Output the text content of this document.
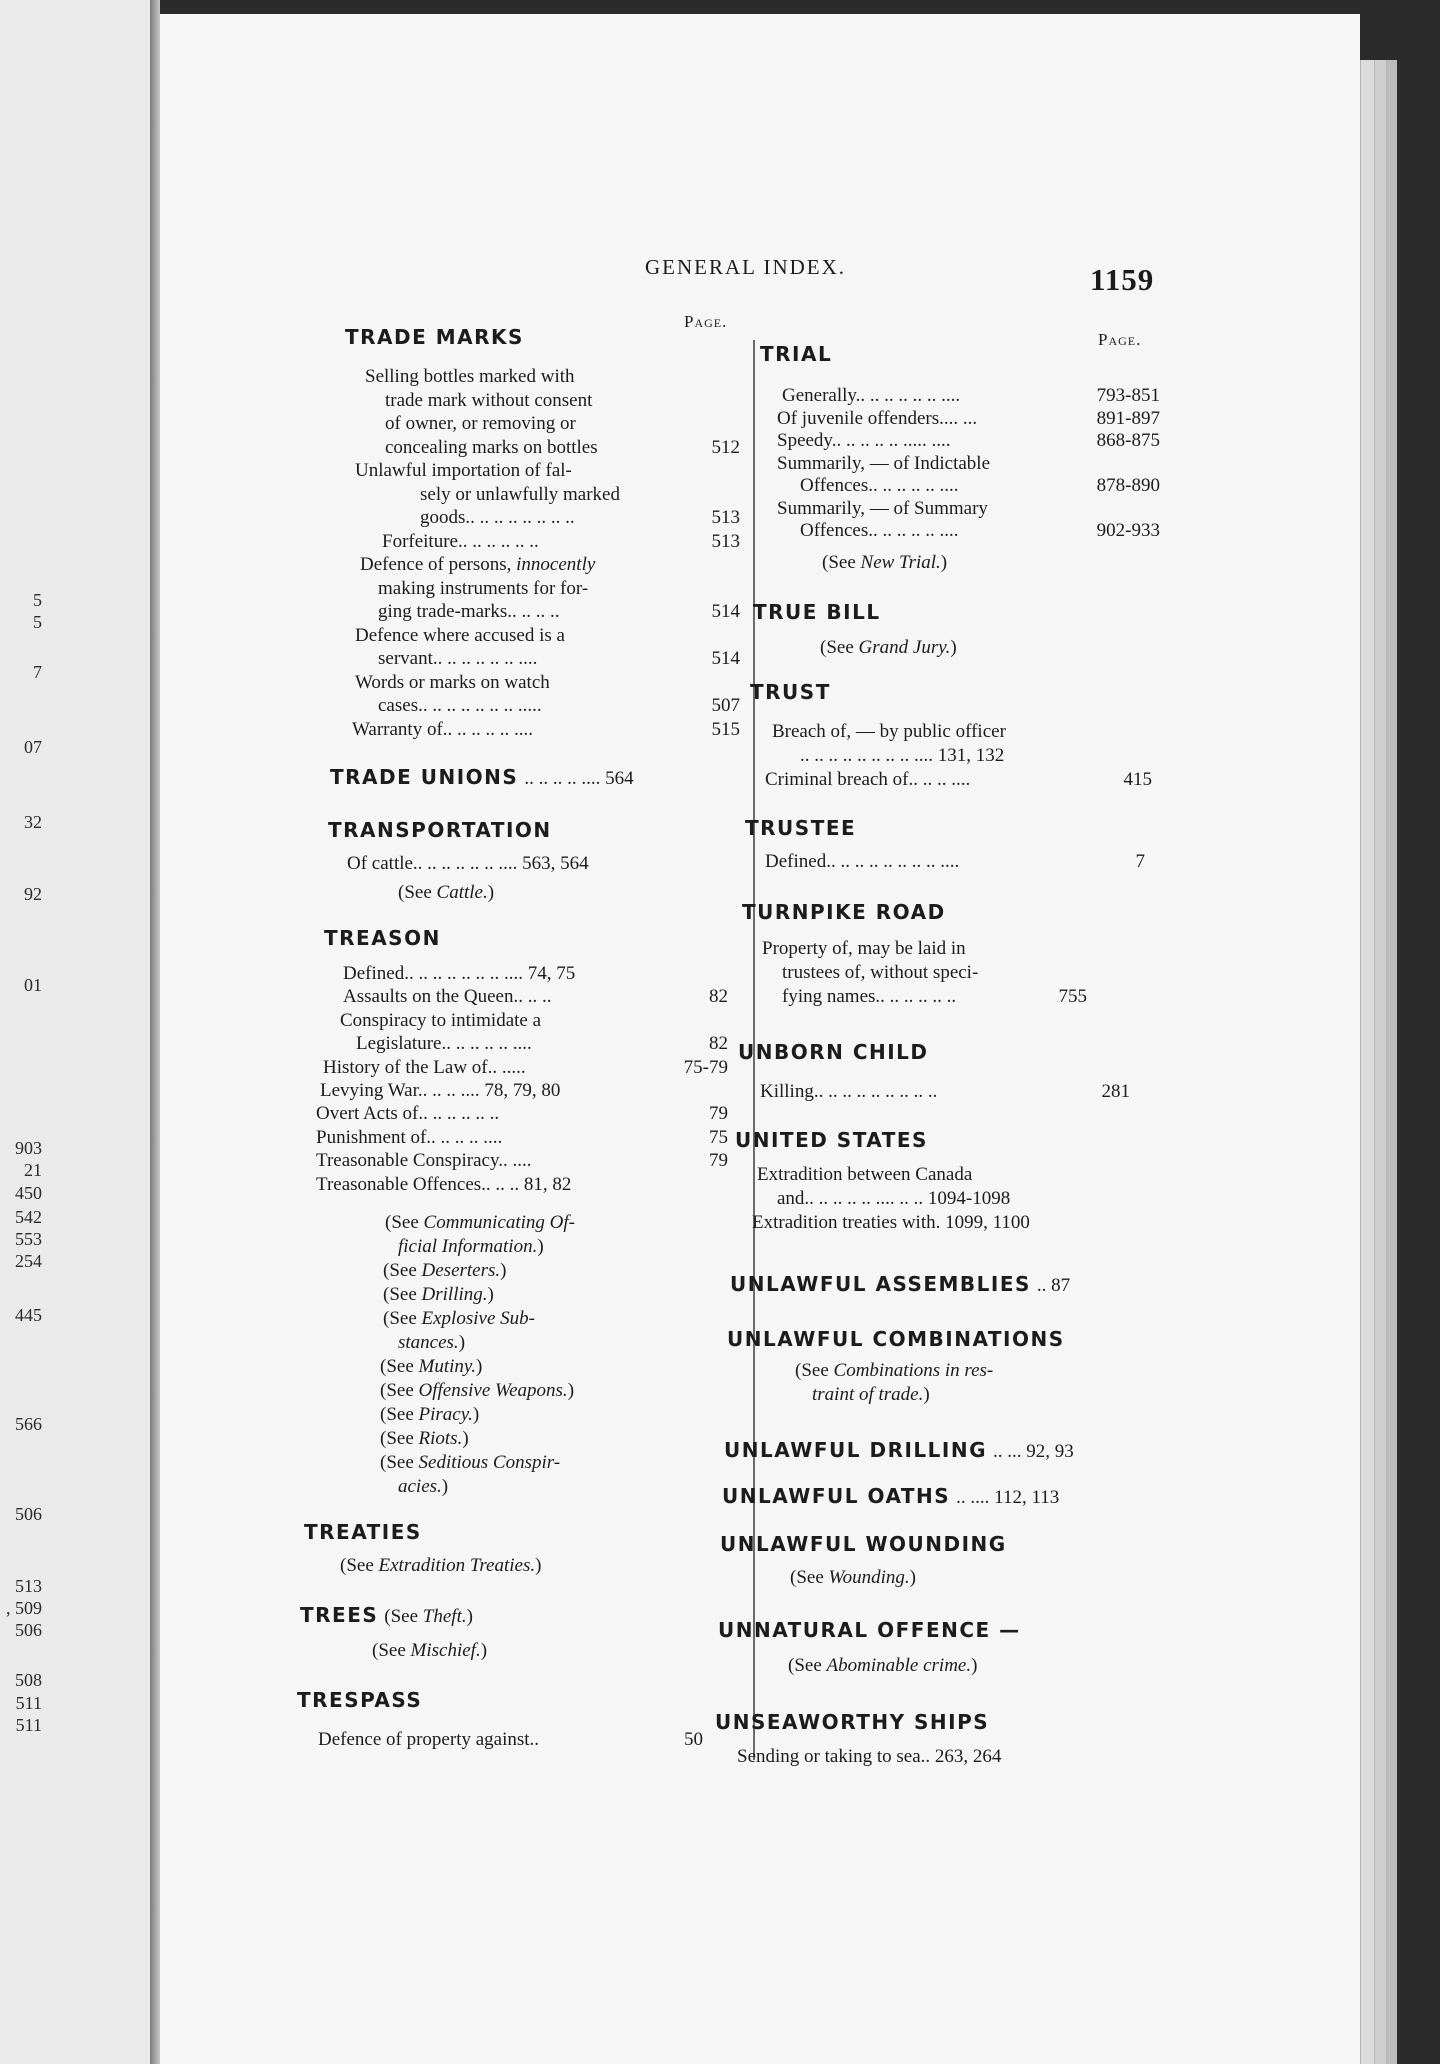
5
5
7
07
32
92
01
903
21
450
542
553
254
445
566
506
513
, 509
506
508
511
511
GENERAL INDEX.	1159
Page.
Page.
TRADE MARKS
Selling bottles marked with
trade mark without consent
of owner, or removing or
concealing marks on bottles	512
Unlawful importation of fal-
sely or unlawfully marked
goods.. .. .. .. .. .. .. ..	513
Forfeiture.. .. .. .. .. ..	513
Defence of persons, innocently
making instruments for for-
ging trade-marks.. .. .. ..	514
Defence where accused is a
servant.. .. .. .. .. .. ....	514
Words or marks on watch
cases.. .. .. .. .. .. .. .....	507
Warranty of.. .. .. .. .. ....	515
TRADE UNIONS .. .. .. .. .... 564
TRANSPORTATION
Of cattle.. .. .. .. .. .. .... 563, 564
(See Cattle.)
TREASON
Defined.. .. .. .. .. .. .. .... 74, 75
Assaults on the Queen.. .. ..	82
Conspiracy to intimidate a
Legislature.. .. .. .. .. ....	82
History of the Law of.. .....	75-79
Levying War.. .. .. .... 78, 79, 80
Overt Acts of.. .. .. .. .. ..	79
Punishment of.. .. .. .. ....	75
Treasonable Conspiracy.. ....	79
Treasonable Offences.. .. .. 81, 82
(See Communicating Of-
ficial Information.)
(See Deserters.)
(See Drilling.)
(See Explosive Sub-
stances.)
(See Mutiny.)
(See Offensive Weapons.)
(See Piracy.)
(See Riots.)
(See Seditious Conspir-
acies.)
TREATIES
(See Extradition Treaties.)
TREES (See Theft.)
(See Mischief.)
TRESPASS
Defence of property against..	50
TRIAL
Generally.. .. .. .. .. .. ....	793-851
Of juvenile offenders.... ...	891-897
Speedy.. .. .. .. .. ..... ....	868-875
Summarily, — of Indictable
Offences.. .. .. .. .. ....	878-890
Summarily, — of Summary
Offences.. .. .. .. .. ....	902-933
(See New Trial.)
TRUE BILL
(See Grand Jury.)
TRUST
Breach of, — by public officer
.. .. .. .. .. .. .. .. .... 131, 132
Criminal breach of.. .. .. ....	415
TRUSTEE
Defined.. .. .. .. .. .. .. .. ....	7
TURNPIKE ROAD
Property of, may be laid in
trustees of, without speci-
fying names.. .. .. .. .. ..	755
UNBORN CHILD
Killing.. .. .. .. .. .. .. .. ..	281
UNITED STATES
Extradition between Canada
and.. .. .. .. .. .... .. .. 1094-1098
Extradition treaties with. 1099, 1100
UNLAWFUL ASSEMBLIES .. 87
UNLAWFUL COMBINATIONS
(See Combinations in res-
traint of trade.)
UNLAWFUL DRILLING .. ... 92, 93
UNLAWFUL OATHS .. .... 112, 113
UNLAWFUL WOUNDING
(See Wounding.)
UNNATURAL OFFENCE —
(See Abominable crime.)
UNSEAWORTHY SHIPS
Sending or taking to sea.. 263, 264
